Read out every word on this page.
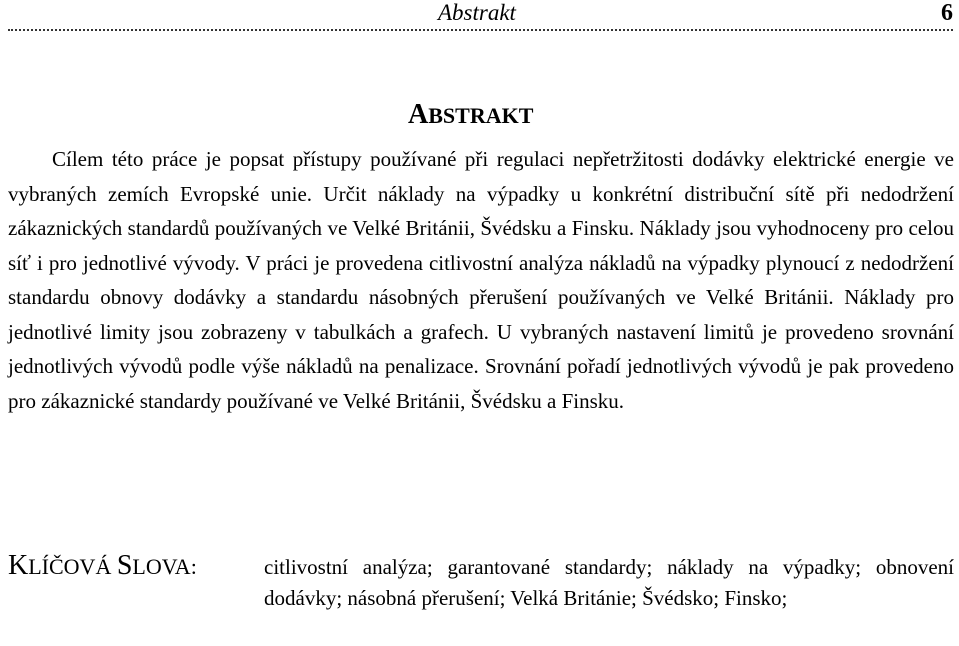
Abstrakt	6
ABSTRAKT

Cílem této práce je popsat přístupy používané při regulaci nepřetržitosti dodávky elektrické energie ve vybraných zemích Evropské unie. Určit náklady na výpadky u konkrétní distribuční sítě při nedodržení zákaznických standardů používaných ve Velké Británii, Švédsku a Finsku. Náklady jsou vyhodnoceny pro celou síť i pro jednotlivé vývody. V práci je provedena citlivostní analýza nákladů na výpadky plynoucí z nedodržení standardu obnovy dodávky a standardu násobných přerušení používaných ve Velké Británii. Náklady pro jednotlivé limity jsou zobrazeny v tabulkách a grafech. U vybraných nastavení limitů je provedeno srovnání jednotlivých vývodů podle výše nákladů na penalizace. Srovnání pořadí jednotlivých vývodů je pak provedeno pro zákaznické standardy používané ve Velké Británii, Švédsku a Finsku.

KLÍČOVÁ SLOVA:	citlivostní analýza; garantované standardy; náklady na výpadky; obnovení dodávky; násobná přerušení; Velká Británie; Švédsko; Finsko;
